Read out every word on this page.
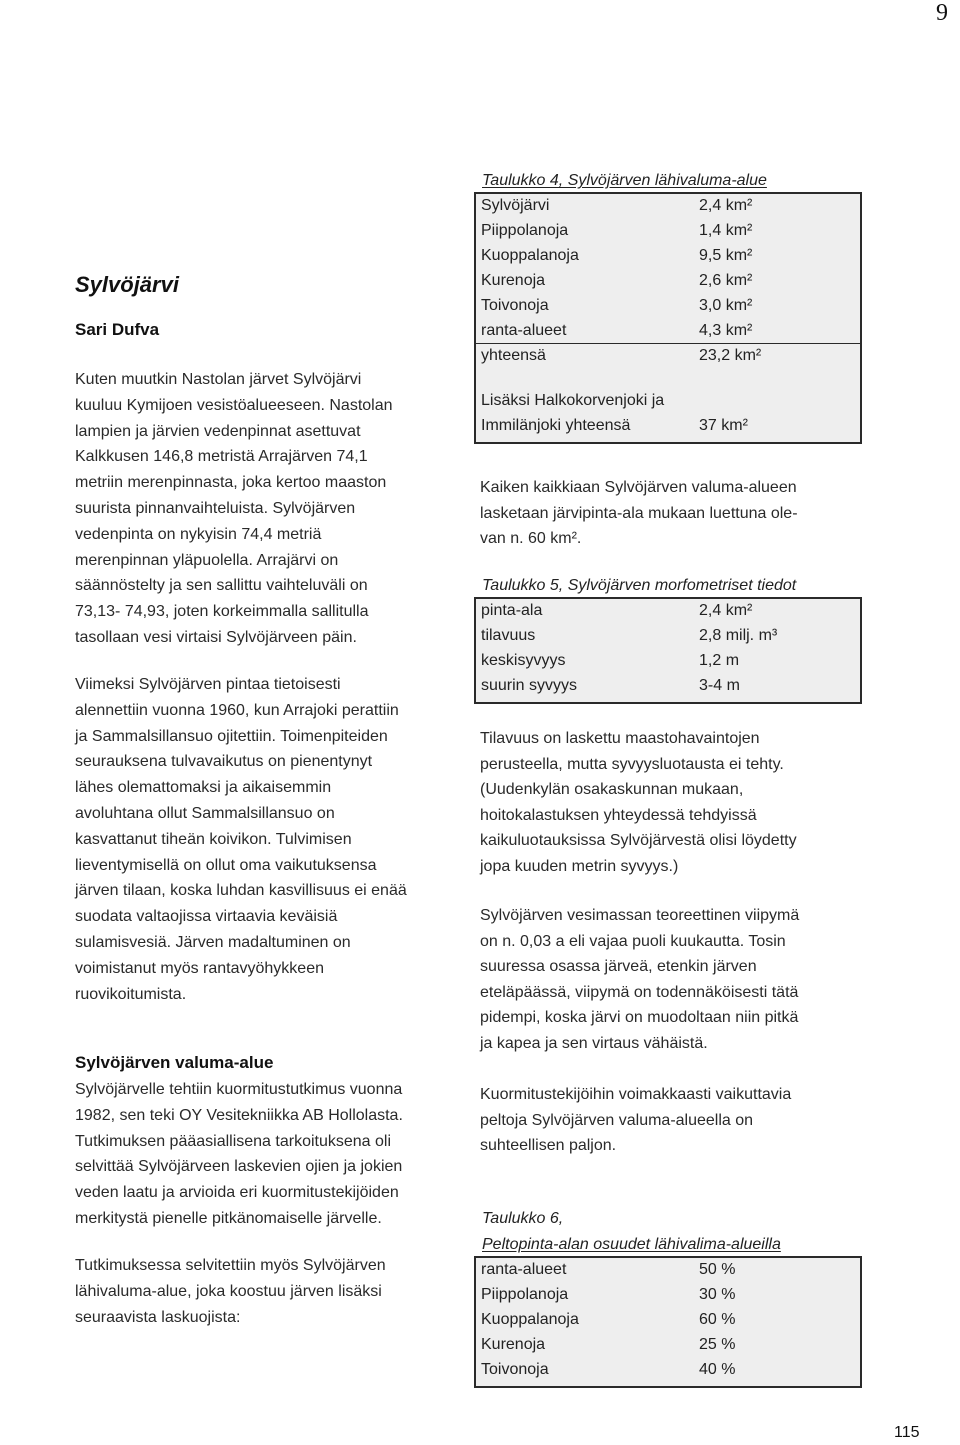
9
Sylvöjärvi
Sari Dufva
Kuten muutkin Nastolan järvet Sylvöjärvi
kuuluu Kymijoen vesistöalueeseen. Nastolan
lampien ja järvien vedenpinnat asettuvat
Kalkkusen 146,8 metristä Arrajärven 74,1
metriin merenpinnasta, joka kertoo maaston
suurista pinnanvaihteluista. Sylvöjärven
vedenpinta on nykyisin 74,4 metriä
merenpinnan yläpuolella. Arrajärvi on
säännöstelty ja sen sallittu vaihteluväli on
73,13- 74,93, joten korkeimmalla sallitulla
tasollaan vesi virtaisi Sylvöjärveen päin.
Viimeksi Sylvöjärven pintaa tietoisesti
alennettiin vuonna 1960, kun Arrajoki perattiin
ja Sammalsillansuo ojitettiin. Toimenpiteiden
seurauksena tulvavaikutus on pienentynyt
lähes olemattomaksi ja aikaisemmin
avoluhtana ollut Sammalsillansuo on
kasvattanut tiheän koivikon. Tulvimisen
lieventymisellä on ollut oma vaikutuksensa
järven tilaan, koska luhdan kasvillisuus ei enää
suodata valtaojissa virtaavia keväisiä
sulamisvesiä. Järven madaltuminen on
voimistanut myös rantavyöhykkeen
ruovikoitumista.
Sylvöjärven valuma-alue
Sylvöjärvelle tehtiin kuormitustutkimus vuonna
1982, sen teki OY Vesitekniikka AB Hollolasta.
Tutkimuksen pääasiallisena tarkoituksena oli
selvittää Sylvöjärveen laskevien ojien ja jokien
veden laatu ja arvioida eri kuormitustekijöiden
merkitystä pienelle pitkänomaiselle järvelle.
Tutkimuksessa selvitettiin myös Sylvöjärven
lähivaluma-alue, joka koostuu järven lisäksi
seuraavista laskuojista:
Taulukko 4, Sylvöjärven lähivaluma-alue
Sylvöjärvi	2,4 km²
Piippolanoja	1,4 km²
Kuoppalanoja	9,5 km²
Kurenoja	2,6 km²
Toivonoja	3,0 km²
ranta-alueet	4,3 km²
yhteensä	23,2 km²
Lisäksi Halkokorvenjoki ja
Immilänjoki yhteensä	37 km²
Kaiken kaikkiaan Sylvöjärven valuma-alueen
lasketaan järvipinta-ala mukaan luettuna ole-
van n. 60 km².
Taulukko 5, Sylvöjärven morfometriset tiedot
pinta-ala	2,4 km²
tilavuus	2,8 milj. m³
keskisyvyys	1,2 m
suurin syvyys	3-4 m
Tilavuus on laskettu maastohavaintojen
perusteella, mutta syvyysluotausta ei tehty.
(Uudenkylän osakaskunnan mukaan,
hoitokalastuksen yhteydessä tehdyissä
kaikuluotauksissa Sylvöjärvestä olisi löydetty
jopa kuuden metrin syvyys.)
Sylvöjärven vesimassan teoreettinen viipymä
on n. 0,03 a eli vajaa puoli kuukautta. Tosin
suuressa osassa järveä, etenkin järven
eteläpäässä, viipymä on todennäköisesti tätä
pidempi, koska järvi on muodoltaan niin pitkä
ja kapea ja sen virtaus vähäistä.
Kuormitustekijöihin voimakkaasti vaikuttavia
peltoja Sylvöjärven valuma-alueella on
suhteellisen paljon.
Taulukko 6,
Peltopinta-alan osuudet lähivalima-alueilla
ranta-alueet	50 %
Piippolanoja	30 %
Kuoppalanoja	60 %
Kurenoja	25 %
Toivonoja	40 %
115
